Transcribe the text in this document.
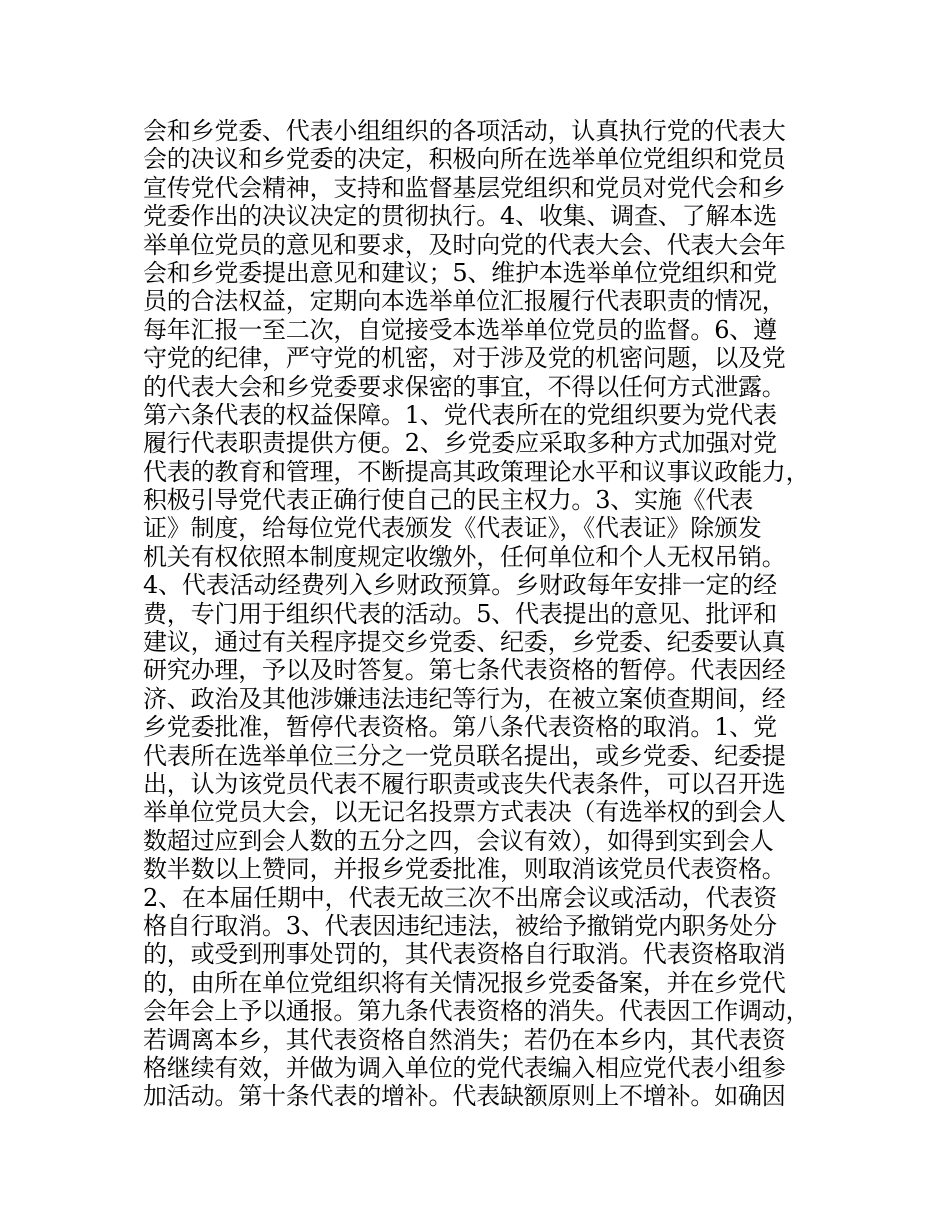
会和乡党委、代表小组组织的各项活动，认真执行党的代表大
会的决议和乡党委的决定，积极向所在选举单位党组织和党员
宣传党代会精神，支持和监督基层党组织和党员对党代会和乡
党委作出的决议决定的贯彻执行。4、收集、调查、了解本选
举单位党员的意见和要求，及时向党的代表大会、代表大会年
会和乡党委提出意见和建议；5、维护本选举单位党组织和党
员的合法权益，定期向本选举单位汇报履行代表职责的情况，
每年汇报一至二次，自觉接受本选举单位党员的监督。6、遵
守党的纪律，严守党的机密，对于涉及党的机密问题，以及党
的代表大会和乡党委要求保密的事宜，不得以任何方式泄露。
第六条代表的权益保障。1、党代表所在的党组织要为党代表
履行代表职责提供方便。2、乡党委应采取多种方式加强对党
代表的教育和管理，不断提高其政策理论水平和议事议政能力，
积极引导党代表正确行使自己的民主权力。3、实施《代表
证》制度，给每位党代表颁发《代表证》，《代表证》除颁发
机关有权依照本制度规定收缴外，任何单位和个人无权吊销。
4、代表活动经费列入乡财政预算。乡财政每年安排一定的经
费，专门用于组织代表的活动。5、代表提出的意见、批评和
建议，通过有关程序提交乡党委、纪委，乡党委、纪委要认真
研究办理，予以及时答复。第七条代表资格的暂停。代表因经
济、政治及其他涉嫌违法违纪等行为，在被立案侦查期间，经
乡党委批准，暂停代表资格。第八条代表资格的取消。1、党
代表所在选举单位三分之一党员联名提出，或乡党委、纪委提
出，认为该党员代表不履行职责或丧失代表条件，可以召开选
举单位党员大会，以无记名投票方式表决（有选举权的到会人
数超过应到会人数的五分之四，会议有效），如得到实到会人
数半数以上赞同，并报乡党委批准，则取消该党员代表资格。
2、在本届任期中，代表无故三次不出席会议或活动，代表资
格自行取消。3、代表因违纪违法，被给予撤销党内职务处分
的，或受到刑事处罚的，其代表资格自行取消。代表资格取消
的，由所在单位党组织将有关情况报乡党委备案，并在乡党代
会年会上予以通报。第九条代表资格的消失。代表因工作调动，
若调离本乡，其代表资格自然消失；若仍在本乡内，其代表资
格继续有效，并做为调入单位的党代表编入相应党代表小组参
加活动。第十条代表的增补。代表缺额原则上不增补。如确因
